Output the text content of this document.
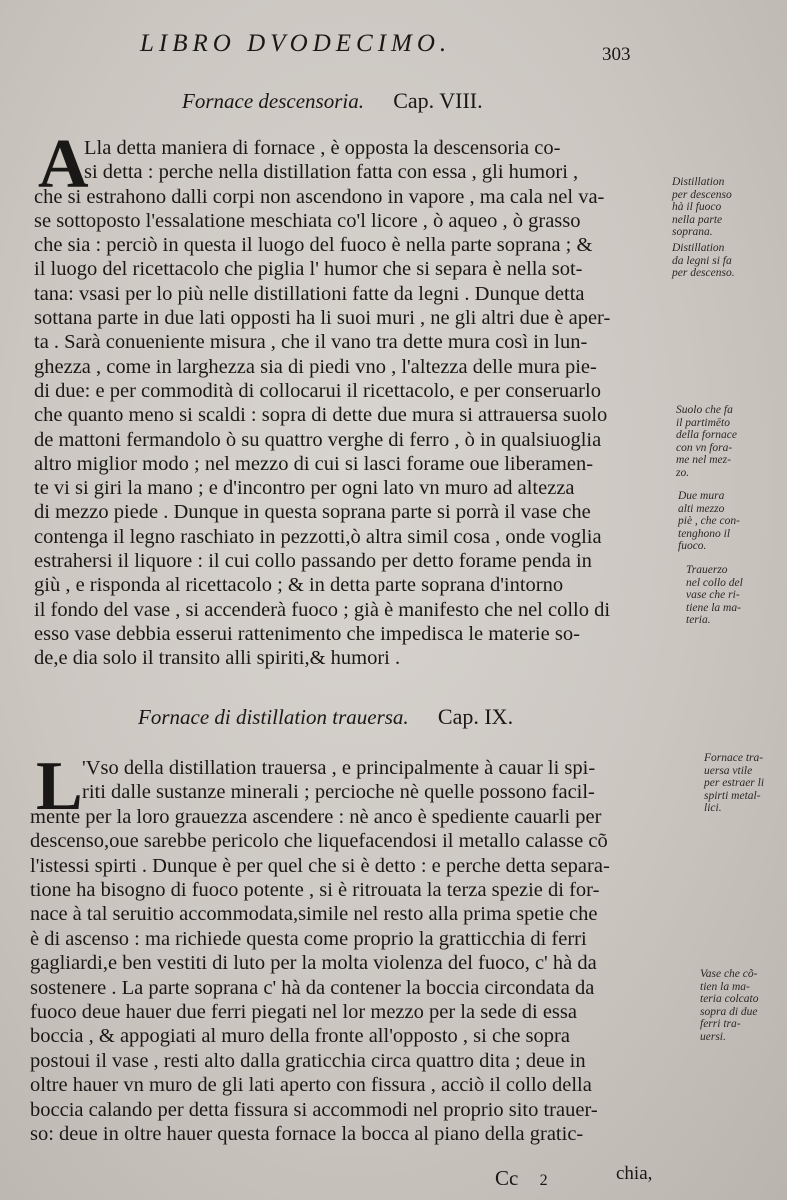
LIBRO DVODECIMO.	303
Fornace descensoria. Cap. VIII.
A
Lla detta maniera di fornace , è opposta la descensoria co-
si detta : perche nella distillation fatta con essa , gli humori ,
che si estrahono dalli corpi non ascendono in vapore , ma cala nel va-
se sottoposto l'essalatione meschiata co'l licore , ò aqueo , ò grasso
che sia : perciò in questa il luogo del fuoco è nella parte soprana ; &
il luogo del ricettacolo che piglia l' humor che si separa è nella sot-
tana: vsasi per lo più nelle distillationi fatte da legni . Dunque detta
sottana parte in due lati opposti ha li suoi muri , ne gli altri due è aper-
ta . Sarà conueniente misura , che il vano tra dette mura così in lun-
ghezza , come in larghezza sia di piedi vno , l'altezza delle mura pie-
di due: e per commodità di collocarui il ricettacolo, e per conseruarlo
che quanto meno si scaldi : sopra di dette due mura si attrauersa suolo
de mattoni fermandolo ò su quattro verghe di ferro , ò in qualsiuoglia
altro miglior modo ; nel mezzo di cui si lasci forame oue liberamen-
te vi si giri la mano ; e d'incontro per ogni lato vn muro ad altezza
di mezzo piede . Dunque in questa soprana parte si porrà il vase che
contenga il legno raschiato in pezzotti,ò altra simil cosa , onde voglia
estrahersi il liquore : il cui collo passando per detto forame penda in
giù , e risponda al ricettacolo ; & in detta parte soprana d'intorno
il fondo del vase , si accenderà fuoco ; già è manifesto che nel collo di
esso vase debbia esserui rattenimento che impedisca le materie so-
de,e dia solo il transito alli spiriti,& humori .
Distillation
per descenso
hà il fuoco
nella parte
soprana.
Distillation
da legni si fa
per descenso.
Suolo che fa
il partimēto
della fornace
con vn fora-
me nel mez-
zo.
Due mura
alti mezzo
piè , che con-
tenghono il
fuoco.
Trauerzo
nel collo del
vase che ri-
tiene la ma-
teria.
Fornace di distillation trauersa. Cap. IX.
L 'Vso della distillation trauersa , e principalmente à cauar li spi-
riti dalle sustanze minerali ; percioche nè quelle possono facil-
mente per la loro grauezza ascendere : nè anco è spediente cauarli per
descenso,oue sarebbe pericolo che liquefacendosi il metallo calasse cõ
l'istessi spirti . Dunque è per quel che si è detto : e perche detta separa-
tione ha bisogno di fuoco potente , si è ritrouata la terza spezie di for-
nace à tal seruitio accommodata,simile nel resto alla prima spetie che
è di ascenso : ma richiede questa come proprio la gratticchia di ferri
gagliardi,e ben vestiti di luto per la molta violenza del fuoco, c' hà da
sostenere . La parte soprana c' hà da contener la boccia circondata da
fuoco deue hauer due ferri piegati nel lor mezzo per la sede di essa
boccia , & appogiati al muro della fronte all'opposto , si che sopra
postoui il vase , resti alto dalla graticchia circa quattro dita ; deue in
oltre hauer vn muro de gli lati aperto con fissura , acciò il collo della
boccia calando per detta fissura si accommodi nel proprio sito trauer-
so: deue in oltre hauer questa fornace la bocca al piano della gratic-
Fornace tra-
uersa vtile
per estraer li
spirti metal-
lici.
Vase che cõ-
tien la ma-
teria colcato
sopra di due
ferri tra-
uersi.
Cc 2	chia,
